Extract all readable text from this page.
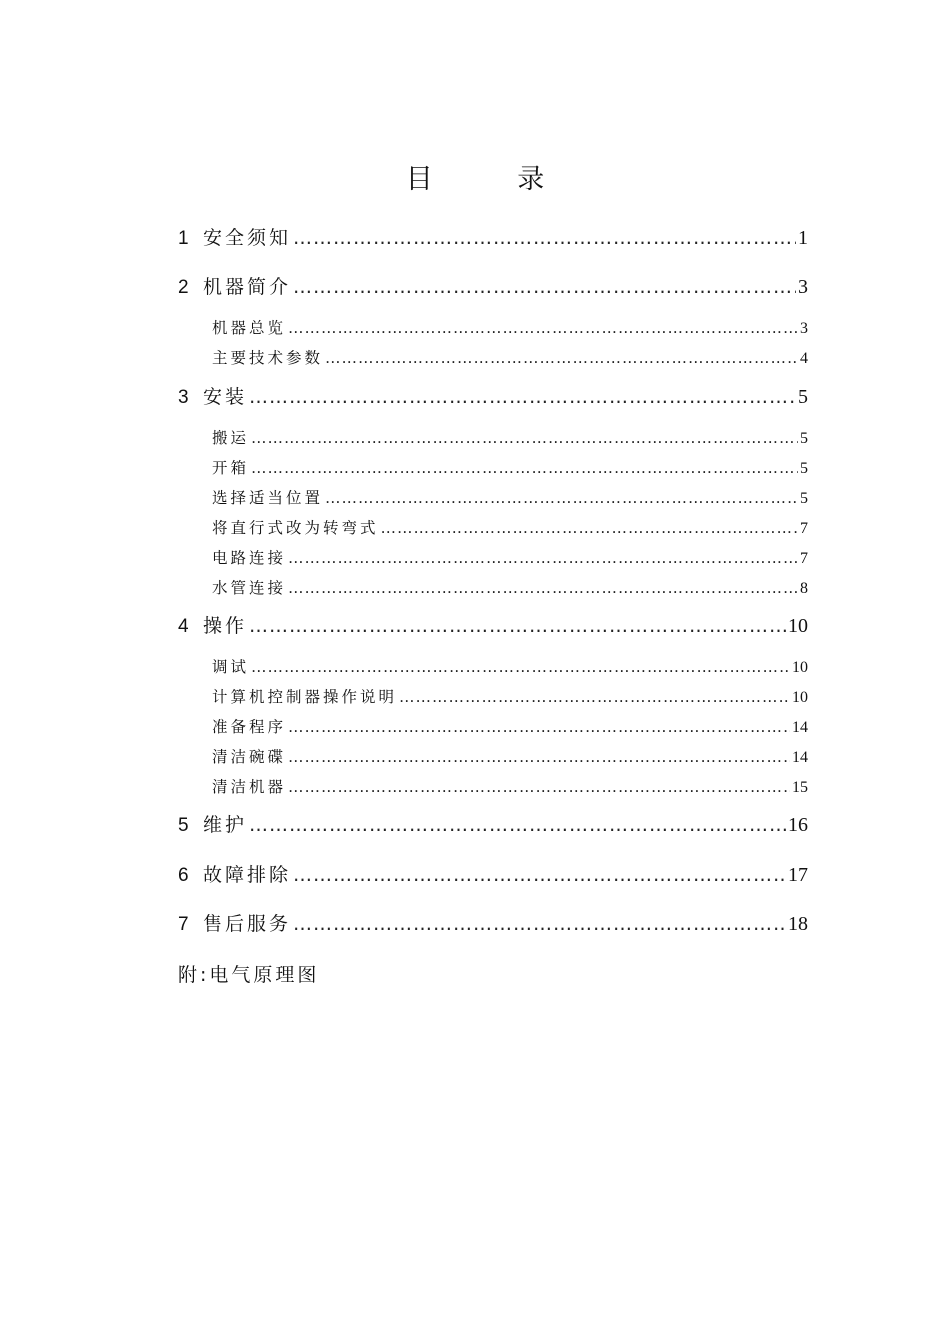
目 录
1 安全须知 ………………………………………………………………………………………………………………………………………………………………………………………………………………………………	1
2 机器简介 ………………………………………………………………………………………………………………………………………………………………………………………………………………………………	3
机器总览 ………………………………………………………………………………………………………………………………………………………………………………………………………………………………	3
主要技术参数 ………………………………………………………………………………………………………………………………………………………………………………………………………………………………	4
3 安装 ………………………………………………………………………………………………………………………………………………………………………………………………………………………………	5
搬运 ………………………………………………………………………………………………………………………………………………………………………………………………………………………………	5
开箱 ………………………………………………………………………………………………………………………………………………………………………………………………………………………………	5
选择适当位置 ………………………………………………………………………………………………………………………………………………………………………………………………………………………………	5
将直行式改为转弯式 ………………………………………………………………………………………………………………………………………………………………………………………………………………………………	7
电路连接 ………………………………………………………………………………………………………………………………………………………………………………………………………………………………	7
水管连接 ………………………………………………………………………………………………………………………………………………………………………………………………………………………………	8
4 操作 ………………………………………………………………………………………………………………………………………………………………………………………………………………………………	10
调试 ………………………………………………………………………………………………………………………………………………………………………………………………………………………………	10
计算机控制器操作说明 ………………………………………………………………………………………………………………………………………………………………………………………………………………………………	10
准备程序 ………………………………………………………………………………………………………………………………………………………………………………………………………………………………	14
清洁碗碟 ………………………………………………………………………………………………………………………………………………………………………………………………………………………………	14
清洁机器 ………………………………………………………………………………………………………………………………………………………………………………………………………………………………	15
5 维护 ………………………………………………………………………………………………………………………………………………………………………………………………………………………………	16
6 故障排除 ………………………………………………………………………………………………………………………………………………………………………………………………………………………………	17
7 售后服务 ………………………………………………………………………………………………………………………………………………………………………………………………………………………………	18
附:电气原理图
